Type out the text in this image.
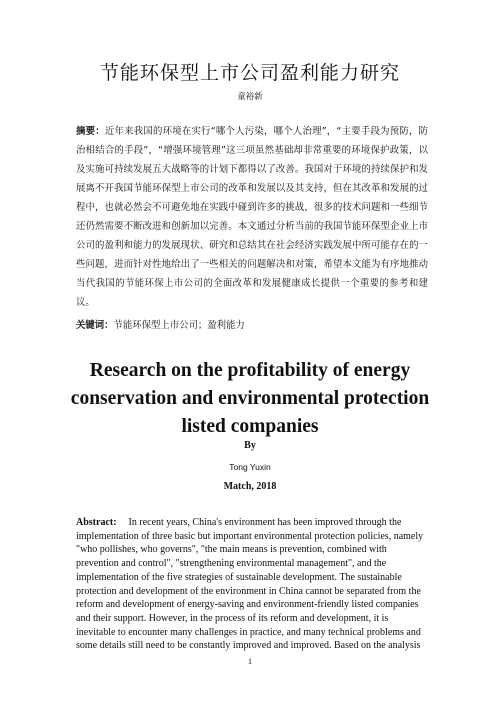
节能环保型上市公司盈利能力研究
童裕新

摘要：近年来我国的环境在实行“哪个人污染，哪个人治理”，“主要手段为预防，防治相结合的手段”，“增强环境管理”这三项虽然基础却非常重要的环境保护政策，以及实施可持续发展五大战略等的计划下都得以了改善。我国对于环境的持续保护和发展离不开我国节能环保型上市公司的改革和发展以及其支持，但在其改革和发展的过程中，也就必然会不可避免地在实践中碰到许多的挑战，很多的技术问题和一些细节还仍然需要不断改进和创新加以完善。本文通过分析当前的我国节能环保型企业上市公司的盈利和能力的发展现状、研究和总结其在社会经济实践发展中所可能存在的一些问题，进而针对性地给出了一些相关的问题解决和对策，希望本文能为有序地推动当代我国的节能环保上市公司的全面改革和发展健康成长提供一个重要的参考和建议。

关键词：节能环保型上市公司；盈利能力

Research on the profitability of energy conservation and environmental protection listed companies
By
Tong Yuxin
Match, 2018

Abstract: In recent years, China's environment has been improved through the implementation of three basic but important environmental protection policies, namely "who pollishes, who governs", "the main means is prevention, combined with prevention and control", "strengthening environmental management", and the implementation of the five strategies of sustainable development. The sustainable protection and development of the environment in China cannot be separated from the reform and development of energy-saving and environment-friendly listed companies and their support. However, in the process of its reform and development, it is inevitable to encounter many challenges in practice, and many technical problems and some details still need to be constantly improved and improved. Based on the analysis

1
